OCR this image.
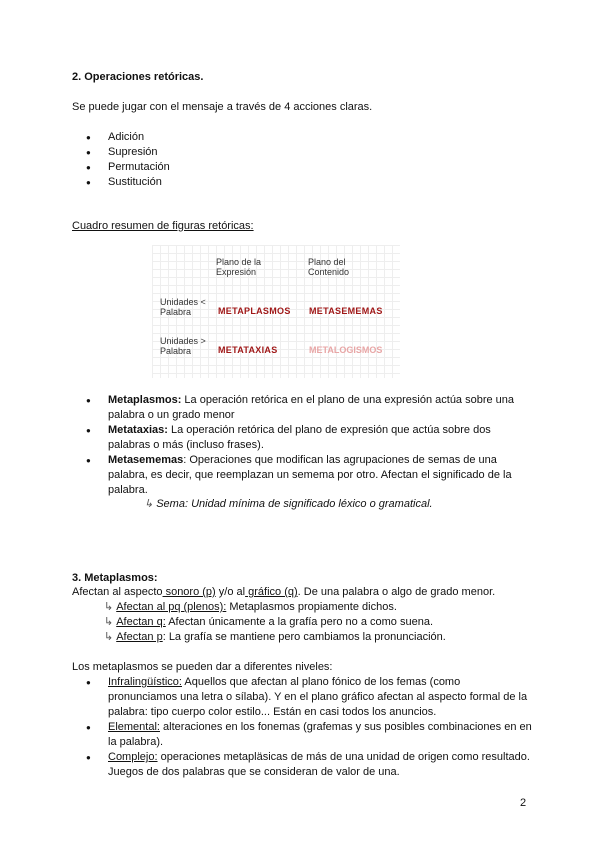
2. Operaciones retóricas.
Se puede jugar con el mensaje a través de 4 acciones claras.
● Adición
● Supresión
● Permutación
● Sustitución
Cuadro resumen de figuras retóricas:
Plano de la Expresión
Plano del Contenido
Unidades < Palabra
Unidades > Palabra
METAPLASMOS METASEMEMAS
METATAXIAS	METALOGISMOS
● Metaplasmos: La operación retórica en el plano de una expresión actúa sobre una palabra o un grado menor
● Metataxias: La operación retórica del plano de expresión que actúa sobre dos palabras o más (incluso frases).
● Metasememas: Operaciones que modifican las agrupaciones de semas de una palabra, es decir, que reemplazan un semema por otro. Afectan el significado de la palabra.
↳ Sema: Unidad mínima de significado léxico o gramatical.
3. Metaplasmos:
Afectan al aspecto sonoro (p) y/o al gráfico (q). De una palabra o algo de grado menor.
↳ Afectan al pq (plenos): Metaplasmos propiamente dichos.
↳ Afectan q: Afectan únicamente a la grafía pero no a como suena.
↳ Afectan p: La grafía se mantiene pero cambiamos la pronunciación.
Los metaplasmos se pueden dar a diferentes niveles:
● Infralingüístico: Aquellos que afectan al plano fónico de los femas (como pronunciamos una letra o sílaba). Y en el plano gráfico afectan al aspecto formal de la palabra: tipo cuerpo color estilo... Están en casi todos los anuncios.
● Elemental: alteraciones en los fonemas (grafemas y sus posibles combinaciones en en la palabra).
● Complejo: operaciones metapläsicas de más de una unidad de origen como resultado. Juegos de dos palabras que se consideran de valor de una.
2
